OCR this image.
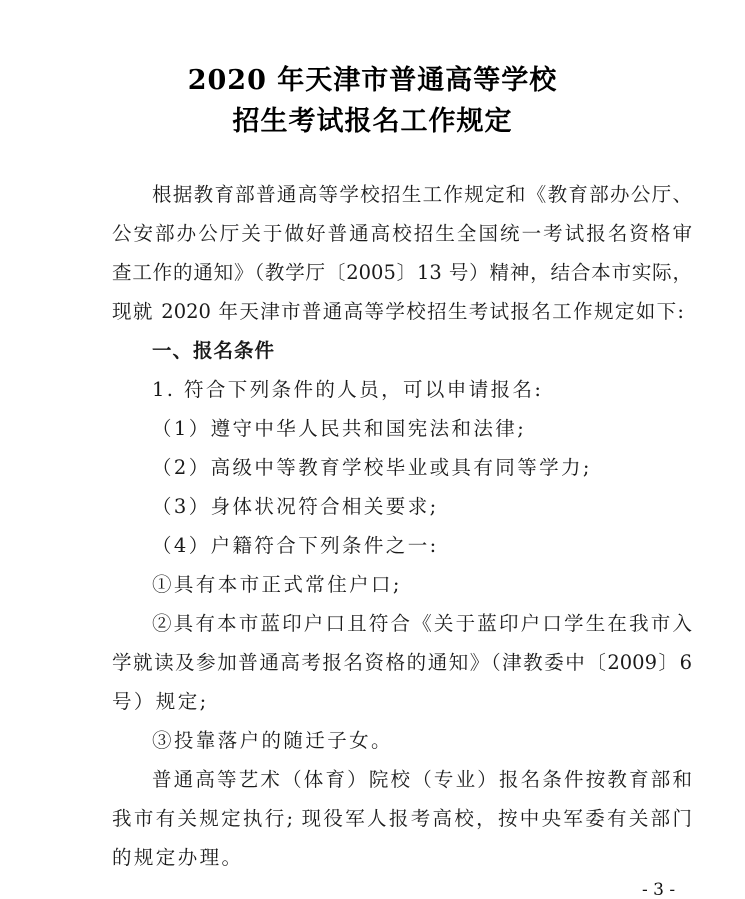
2020 年天津市普通高等学校
招生考试报名工作规定
根据教育部普通高等学校招生工作规定和《教育部办公厅、
公安部办公厅关于做好普通高校招生全国统一考试报名资格审
查工作的通知》（教学厅〔2005〕13 号）精神，结合本市实际，
现就 2020 年天津市普通高等学校招生考试报名工作规定如下:
一、报名条件
1. 符合下列条件的人员，可以申请报名:
（1）遵守中华人民共和国宪法和法律;
（2）高级中等教育学校毕业或具有同等学力;
（3）身体状况符合相关要求;
（4）户籍符合下列条件之一:
①具有本市正式常住户口;
②具有本市蓝印户口且符合《关于蓝印户口学生在我市入
学就读及参加普通高考报名资格的通知》（津教委中〔2009〕6
号）规定;
③投靠落户的随迁子女。
普通高等艺术（体育）院校（专业）报名条件按教育部和
我市有关规定执行; 现役军人报考高校，按中央军委有关部门
的规定办理。
- 3 -
